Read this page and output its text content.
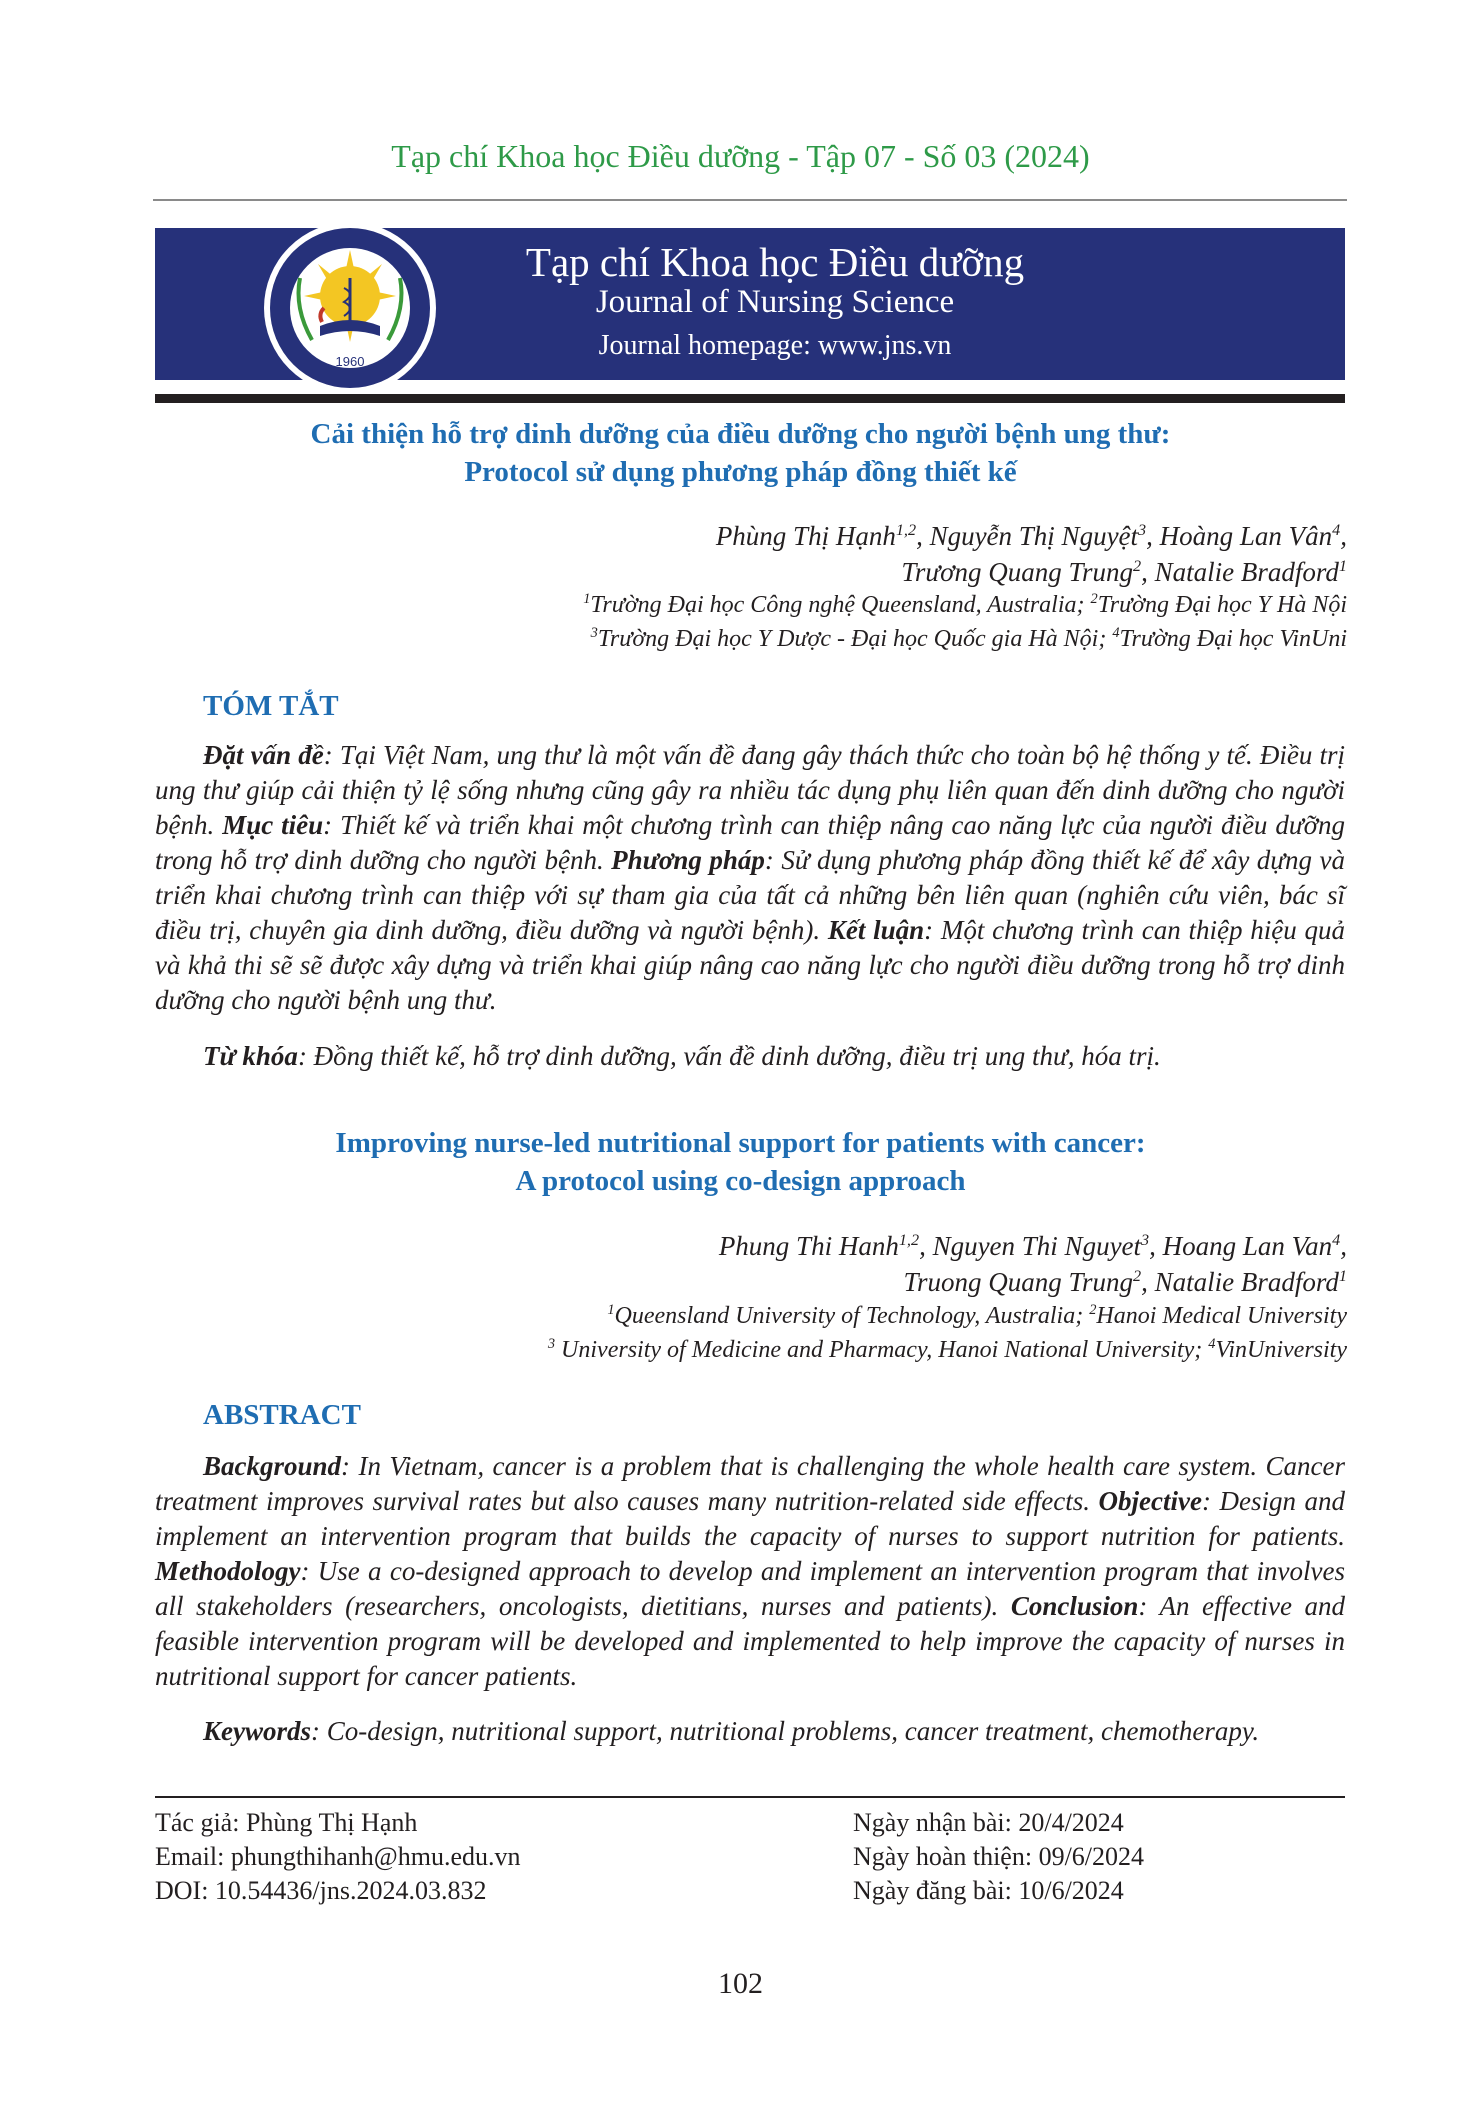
Tạp chí Khoa học Điều dưỡng - Tập 07 - Số 03 (2024)
1960
Tạp chí Khoa học Điều dưỡng
Journal of Nursing Science
Journal homepage: www.jns.vn
Cải thiện hỗ trợ dinh dưỡng của điều dưỡng cho người bệnh ung thư:
Protocol sử dụng phương pháp đồng thiết kế
Phùng Thị Hạnh$^{1,2}$, Nguyễn Thị Nguyệt$^3$, Hoàng Lan Vân$^4$,
Trương Quang Trung$^2$, Natalie Bradford$^1$
$^1$Trường Đại học Công nghệ Queensland, Australia; $^2$Trường Đại học Y Hà Nội
$^3$Trường Đại học Y Dược - Đại học Quốc gia Hà Nội; $^4$Trường Đại học VinUni
TÓM TẮT
Đặt vấn đề: Tại Việt Nam, ung thư là một vấn đề đang gây thách thức cho toàn bộ hệ thống y tế. Điều trị ung thư giúp cải thiện tỷ lệ sống nhưng cũng gây ra nhiều tác dụng phụ liên quan đến dinh dưỡng cho người bệnh. Mục tiêu: Thiết kế và triển khai một chương trình can thiệp nâng cao năng lực của người điều dưỡng trong hỗ trợ dinh dưỡng cho người bệnh. Phương pháp: Sử dụng phương pháp đồng thiết kế để xây dựng và triển khai chương trình can thiệp với sự tham gia của tất cả những bên liên quan (nghiên cứu viên, bác sĩ điều trị, chuyên gia dinh dưỡng, điều dưỡng và người bệnh). Kết luận: Một chương trình can thiệp hiệu quả và khả thi sẽ sẽ được xây dựng và triển khai giúp nâng cao năng lực cho người điều dưỡng trong hỗ trợ dinh dưỡng cho người bệnh ung thư.
Từ khóa: Đồng thiết kế, hỗ trợ dinh dưỡng, vấn đề dinh dưỡng, điều trị ung thư, hóa trị.
Improving nurse-led nutritional support for patients with cancer:
A protocol using co-design approach
Phung Thi Hanh$^{1,2}$, Nguyen Thi Nguyet$^3$, Hoang Lan Van$^4$,
Truong Quang Trung$^2$, Natalie Bradford$^1$
$^1$Queensland University of Technology, Australia; $^2$Hanoi Medical University
$^3$ University of Medicine and Pharmacy, Hanoi National University; $^4$VinUniversity
ABSTRACT
Background: In Vietnam, cancer is a problem that is challenging the whole health care system. Cancer treatment improves survival rates but also causes many nutrition-related side effects. Objective: Design and implement an intervention program that builds the capacity of nurses to support nutrition for patients. Methodology: Use a co-designed approach to develop and implement an intervention program that involves all stakeholders (researchers, oncologists, dietitians, nurses and patients). Conclusion: An effective and feasible intervention program will be developed and implemented to help improve the capacity of nurses in nutritional support for cancer patients.
Keywords: Co-design, nutritional support, nutritional problems, cancer treatment, chemotherapy.
Tác giả: Phùng Thị Hạnh
Email: phungthihanh@hmu.edu.vn
DOI: 10.54436/jns.2024.03.832
Ngày nhận bài: 20/4/2024
Ngày hoàn thiện: 09/6/2024
Ngày đăng bài: 10/6/2024
102
